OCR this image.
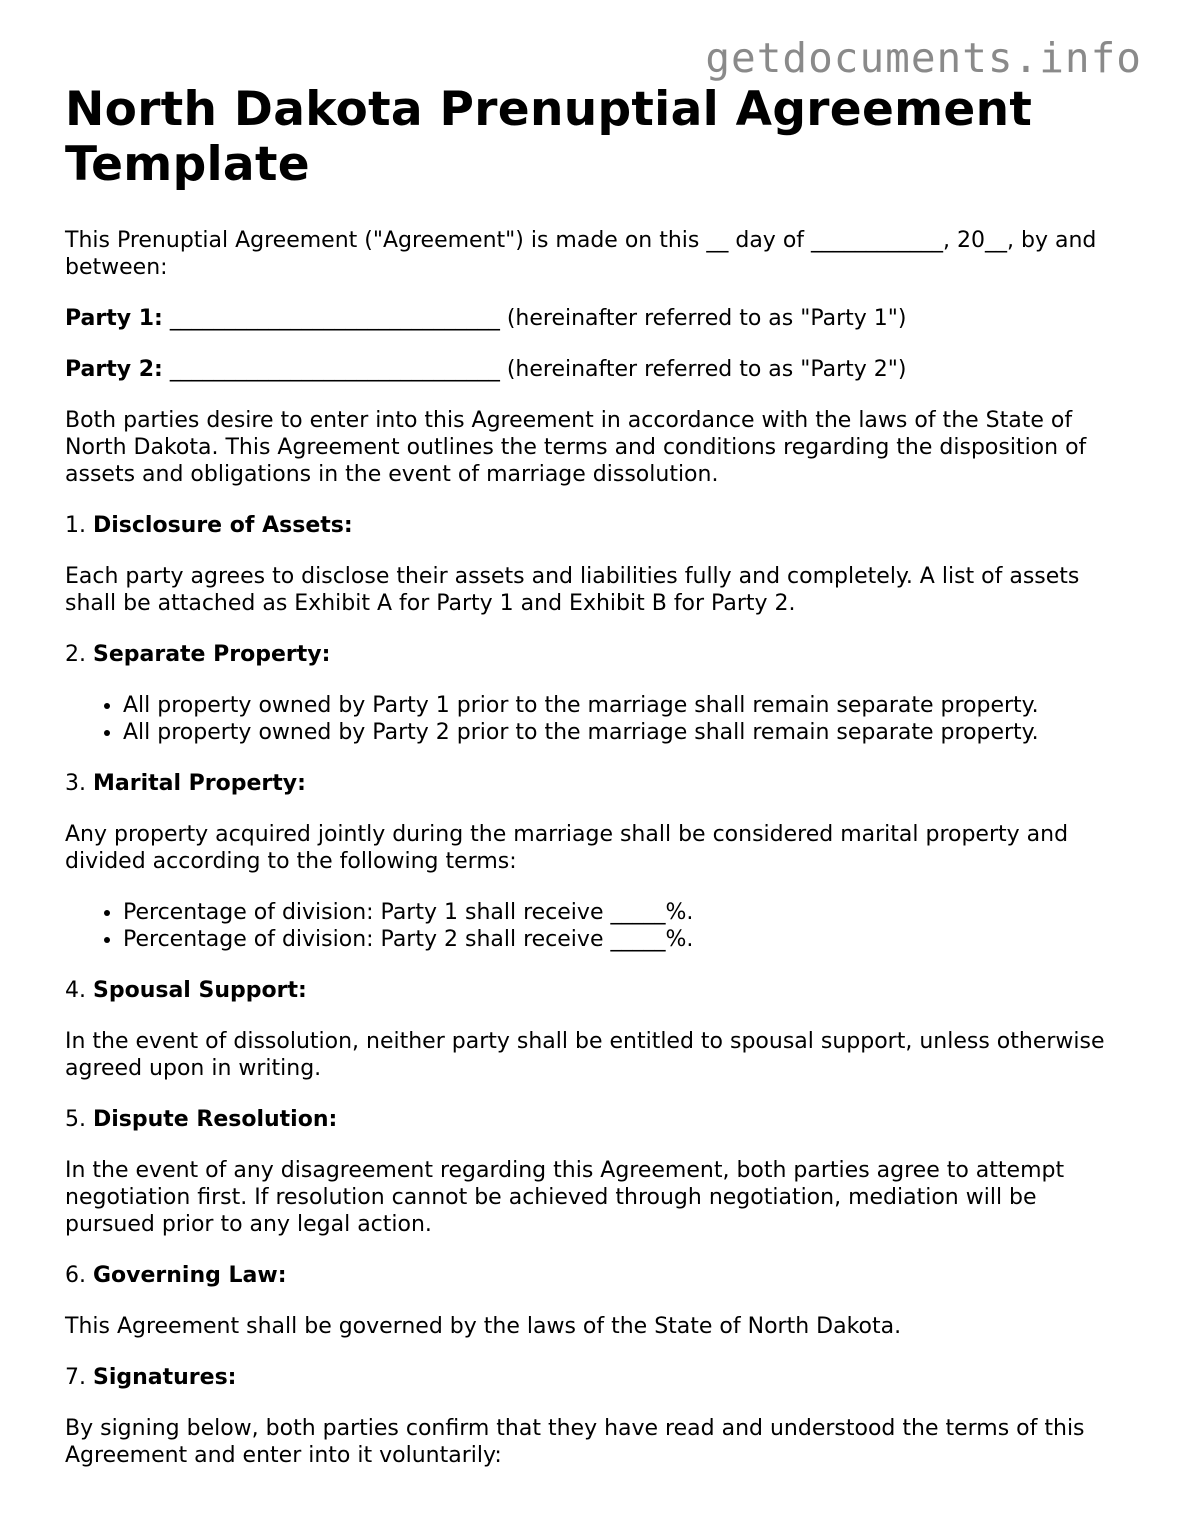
getdocuments.info
North Dakota Prenuptial Agreement Template

This Prenuptial Agreement ("Agreement") is made on this __ day of ____________, 20__, by and between:

Party 1: ______________________________ (hereinafter referred to as "Party 1")

Party 2: ______________________________ (hereinafter referred to as "Party 2")

Both parties desire to enter into this Agreement in accordance with the laws of the State of North Dakota. This Agreement outlines the terms and conditions regarding the disposition of assets and obligations in the event of marriage dissolution.

1. Disclosure of Assets:

Each party agrees to disclose their assets and liabilities fully and completely. A list of assets shall be attached as Exhibit A for Party 1 and Exhibit B for Party 2.

2. Separate Property:

• All property owned by Party 1 prior to the marriage shall remain separate property.
• All property owned by Party 2 prior to the marriage shall remain separate property.

3. Marital Property:

Any property acquired jointly during the marriage shall be considered marital property and divided according to the following terms:

• Percentage of division: Party 1 shall receive _____%.
• Percentage of division: Party 2 shall receive _____%.

4. Spousal Support:

In the event of dissolution, neither party shall be entitled to spousal support, unless otherwise agreed upon in writing.

5. Dispute Resolution:

In the event of any disagreement regarding this Agreement, both parties agree to attempt negotiation first. If resolution cannot be achieved through negotiation, mediation will be pursued prior to any legal action.

6. Governing Law:

This Agreement shall be governed by the laws of the State of North Dakota.

7. Signatures:

By signing below, both parties confirm that they have read and understood the terms of this Agreement and enter into it voluntarily:
